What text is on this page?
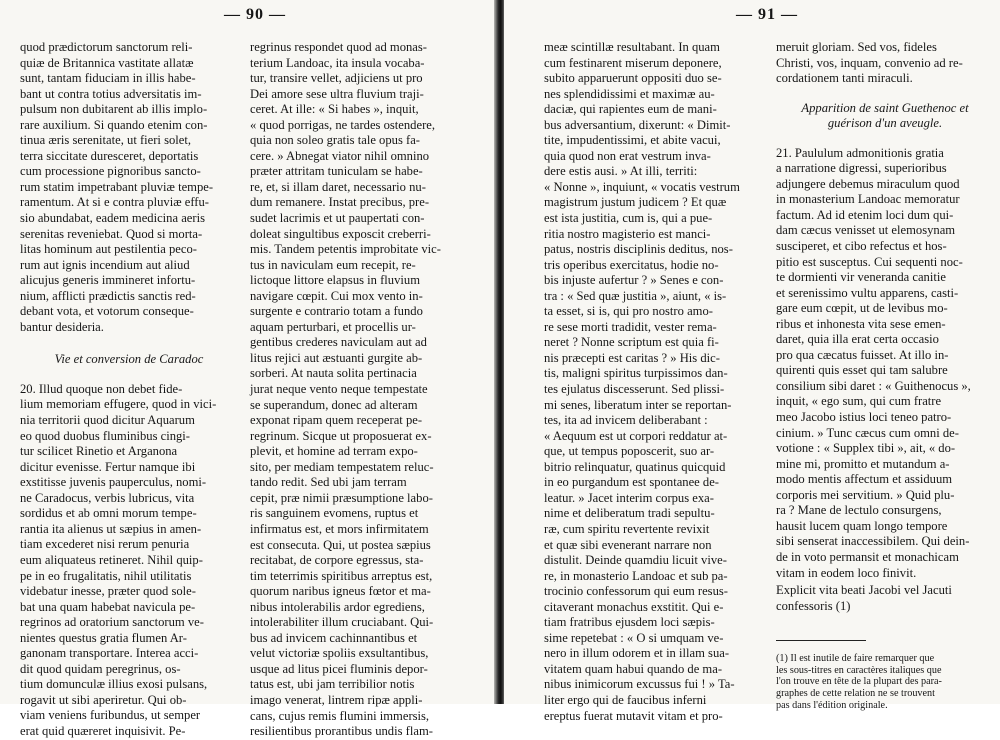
— 90 —

quod prædictorum sanctorum reli-
quiæ de Britannica vastitate allatæ
sunt, tantam fiduciam in illis habe-
bant ut contra totius adversitatis im-
pulsum non dubitarent ab illis implo-
rare auxilium. Si quando etenim con-
tinua æris serenitate, ut fieri solet,
terra siccitate duresceret, deportatis
cum processione pignoribus sancto-
rum statim impetrabant pluviæ tempe-
ramentum. At si e contra pluviæ effu-
sio abundabat, eadem medicina aeris
serenitas reveniebat. Quod si morta-
litas hominum aut pestilentia peco-
rum aut ignis incendium aut aliud
alicujus generis immineret infortu-
nium, afflicti prædictis sanctis red-
debant vota, et votorum conseque-
bantur desideria.

Vie et conversion de Caradoc

20. Illud quoque non debet fide-
lium memoriam effugere, quod in vici-
nia territorii quod dicitur Aquarum
eo quod duobus fluminibus cingi-
tur scilicet Rinetio et Arganona
dicitur evenisse. Fertur namque ibi
exstitisse juvenis pauperculus, nomi-
ne Caradocus, verbis lubricus, vita
sordidus et ab omni morum tempe-
rantia ita alienus ut sæpius in amen-
tiam excederet nisi rerum penuria
eum aliquateus retineret. Nihil quip-
pe in eo frugalitatis, nihil utilitatis
videbatur inesse, præter quod sole-
bat una quam habebat navicula pe-
regrinos ad oratorium sanctorum ve-
nientes questus gratia flumen Ar-
ganonam transportare. Interea acci-
dit quod quidam peregrinus, os-
tium domunculæ illius exosi pulsans,
rogavit ut sibi aperiretur. Qui ob-
viam veniens furibundus, ut semper
erat quid quæreret inquisivit. Pe-

regrinus respondet quod ad monas-
terium Landoac, ita insula vocaba-
tur, transire vellet, adjiciens ut pro
Dei amore sese ultra fluvium traji-
ceret. At ille: « Si habes », inquit,
« quod porrigas, ne tardes ostendere,
quia non soleo gratis tale opus fa-
cere. » Abnegat viator nihil omnino
præter attritam tuniculam se habe-
re, et, si illam daret, necessario nu-
dum remanere. Instat precibus, pre-
sudet lacrimis et ut paupertati con-
doleat singultibus exposcit creberri-
mis. Tandem petentis improbitate vic-
tus in naviculam eum recepit, re-
lictoque littore elapsus in fluvium
navigare cœpit. Cui mox vento in-
surgente e contrario totam a fundo
aquam perturbari, et procellis ur-
gentibus crederes naviculam aut ad
litus rejici aut æstuanti gurgite ab-
sorberi. At nauta solita pertinacia
jurat neque vento neque tempestate
se superandum, donec ad alteram
exponat ripam quem receperat pe-
regrinum. Sicque ut proposuerat ex-
plevit, et homine ad terram expo-
sito, per mediam tempestatem reluc-
tando redit. Sed ubi jam terram
cepit, præ nimii præsumptione labo-
ris sanguinem evomens, ruptus et
infirmatus est, et mors infirmitatem
est consecuta. Qui, ut postea sæpius
recitabat, de corpore egressus, sta-
tim teterrimis spiritibus arreptus est,
quorum naribus igneus fœtor et ma-
nibus intolerabilis ardor egrediens,
intolerabiliter illum cruciabant. Qui-
bus ad invicem cachinnantibus et
velut victoriæ spoliis exsultantibus,
usque ad litus picei fluminis depor-
tatus est, ubi jam terribilior notis
imago venerat, lintrem ripæ appli-
cans, cujus remis flumini immersis,
resilientibus prorantibus undis flam-

— 91 —

meæ scintillæ resultabant. In quam
cum festinarent miserum deponere,
subito apparuerunt oppositi duo se-
nes splendidissimi et maximæ au-
daciæ, qui rapientes eum de mani-
bus adversantium, dixerunt: « Dimit-
tite, impudentissimi, et abite vacui,
quia quod non erat vestrum inva-
dere estis ausi. » At illi, territi:
« Nonne », inquiunt, « vocatis vestrum
magistrum justum judicem ? Et quæ
est ista justitia, cum is, qui a pue-
ritia nostro magisterio est manci-
patus, nostris disciplinis deditus, nos-
tris operibus exercitatus, hodie no-
bis injuste aufertur ? » Senes e con-
tra : « Sed quæ justitia », aiunt, « is-
ta esset, si is, qui pro nostro amo-
re sese morti tradidit, vester rema-
neret ? Nonne scriptum est quia fi-
nis præcepti est caritas ? » His dic-
tis, maligni spiritus turpissimos dan-
tes ejulatus discesserunt. Sed plissi-
mi senes, liberatum inter se reportan-
tes, ita ad invicem deliberabant :
« Aequum est ut corpori reddatur at-
que, ut tempus poposcerit, suo ar-
bitrio relinquatur, quatinus quicquid
in eo purgandum est spontanee de-
leatur. » Jacet interim corpus exa-
nime et deliberatum tradi sepultu-
ræ, cum spiritu revertente revixit
et quæ sibi evenerant narrare non
distulit. Deinde quamdiu licuit vive-
re, in monasterio Landoac et sub pa-
trocinio confessorum qui eum resus-
citaverant monachus exstitit. Qui e-
tiam fratribus ejusdem loci sæpis-
sime repetebat : « O si umquam ve-
nero in illum odorem et in illam sua-
vitatem quam habui quando de ma-
nibus inimicorum excussus fui ! » Ta-
liter ergo qui de faucibus inferni
ereptus fuerat mutavit vitam et pro-

meruit gloriam. Sed vos, fideles
Christi, vos, inquam, convenio ad re-
cordationem tanti miraculi.

Apparition de saint Guethenoc et
guérison d'un aveugle.

21. Paululum admonitionis gratia
a narratione digressi, superioribus
adjungere debemus miraculum quod
in monasterium Landoac memoratur
factum. Ad id etenim loci dum qui-
dam cæcus venisset ut elemosynam
susciperet, et cibo refectus et hos-
pitio est susceptus. Cui sequenti noc-
te dormienti vir veneranda canitie
et serenissimo vultu apparens, casti-
gare eum cœpit, ut de levibus mo-
ribus et inhonesta vita sese emen-
daret, quia illa erat certa occasio
pro qua cæcatus fuisset. At illo in-
quirenti quis esset qui tam salubre
consilium sibi daret : « Guithenocus »,
inquit, « ego sum, qui cum fratre
meo Jacobo istius loci teneo patro-
cinium. » Tunc cæcus cum omni de-
votione : « Supplex tibi », ait, « do-
mine mi, promitto et mutandum a-
modo mentis affectum et assiduum
corporis mei servitium. » Quid plu-
ra ? Mane de lectulo consurgens,
hausit lucem quam longo tempore
sibi senserat inaccessibilem. Qui dein-
de in voto permansit et monachicam
vitam in eodem loco finivit.

Explicit vita beati Jacobi vel Jacuti
confessoris (1)

(1) Il est inutile de faire remarquer que
les sous-titres en caractères italiques que
l'on trouve en tête de la plupart des para-
graphes de cette relation ne se trouvent
pas dans l'édition originale.
